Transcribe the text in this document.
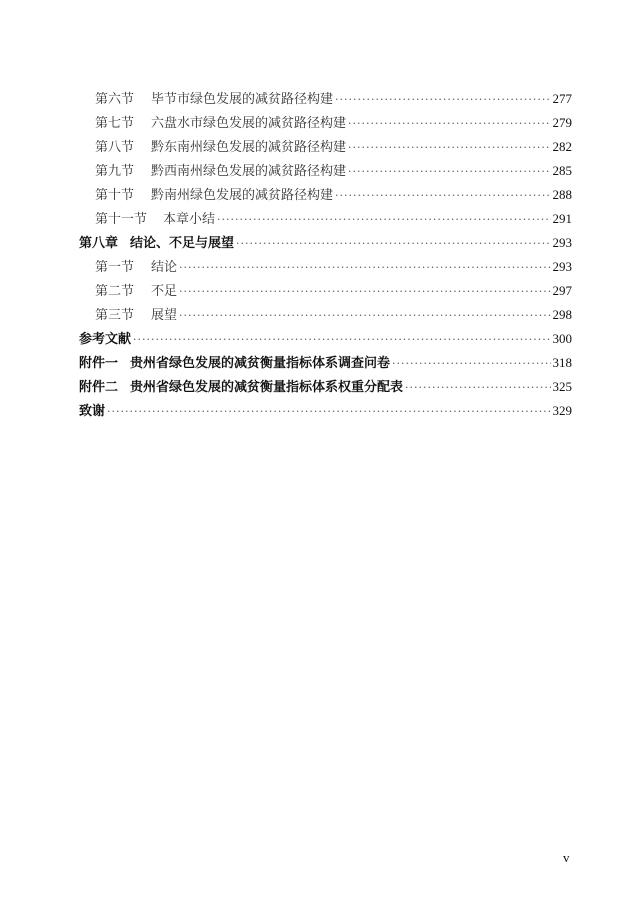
第六节	毕节市绿色发展的减贫路径构建 ·····	277
第七节	六盘水市绿色发展的减贫路径构建 ·····	279
第八节	黔东南州绿色发展的减贫路径构建 ·····	282
第九节	黔西南州绿色发展的减贫路径构建 ·····	285
第十节	黔南州绿色发展的减贫路径构建 ·····	288
第十一节	本章小结 ·····	291
第八章 结论、不足与展望 ·····	293
第一节	结论 ·····	293
第二节	不足 ·····	297
第三节	展望 ·····	298
参考文献 ·····	300
附件一 贵州省绿色发展的减贫衡量指标体系调查问卷 ·····	318
附件二 贵州省绿色发展的减贫衡量指标体系权重分配表 ·····	325
致谢 ·····	329
v
